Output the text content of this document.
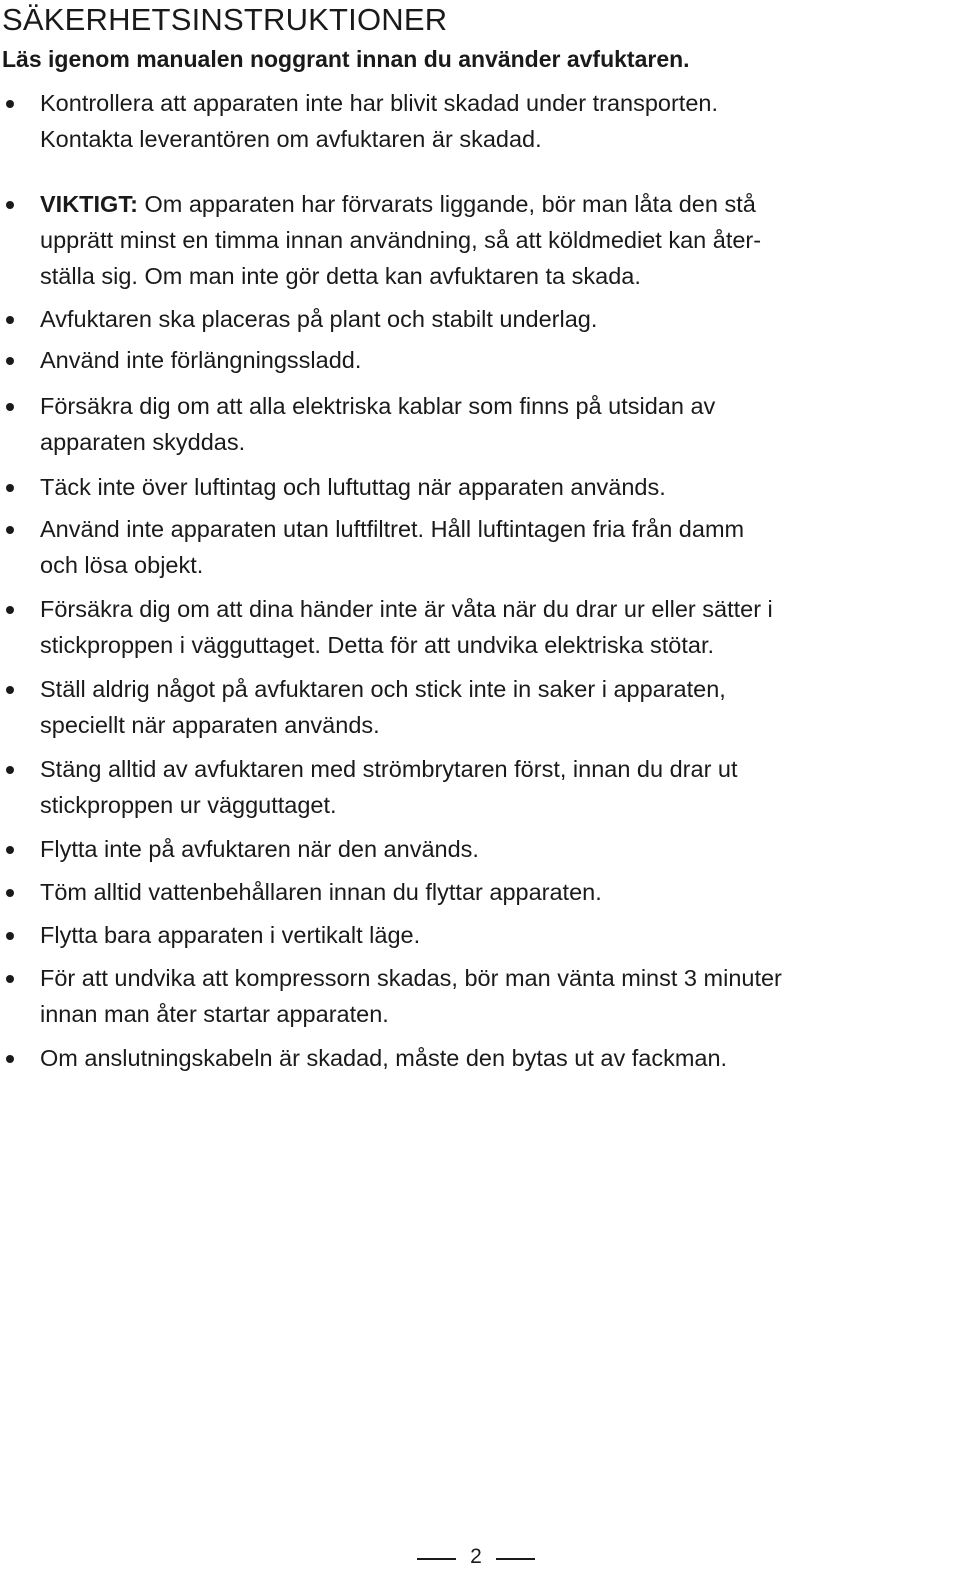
SÄKERHETSINSTRUKTIONER
Läs igenom manualen noggrant innan du använder avfuktaren.
Kontrollera att apparaten inte har blivit skadad under transporten.
Kontakta leverantören om avfuktaren är skadad.
VIKTIGT: Om apparaten har förvarats liggande, bör man låta den stå
upprätt minst en timma innan användning, så att köldmediet kan åter-
ställa sig. Om man inte gör detta kan avfuktaren ta skada.
Avfuktaren ska placeras på plant och stabilt underlag.
Använd inte förlängningssladd.
Försäkra dig om att alla elektriska kablar som finns på utsidan av
apparaten skyddas.
Täck inte över luftintag och luftuttag när apparaten används.
Använd inte apparaten utan luftfiltret. Håll luftintagen fria från damm
och lösa objekt.
Försäkra dig om att dina händer inte är våta när du drar ur eller sätter i
stickproppen i vägguttaget. Detta för att undvika elektriska stötar.
Ställ aldrig något på avfuktaren och stick inte in saker i apparaten,
speciellt när apparaten används.
Stäng alltid av avfuktaren med strömbrytaren först, innan du drar ut
stickproppen ur vägguttaget.
Flytta inte på avfuktaren när den används.
Töm alltid vattenbehållaren innan du flyttar apparaten.
Flytta bara apparaten i vertikalt läge.
För att undvika att kompressorn skadas, bör man vänta minst 3 minuter
innan man åter startar apparaten.
Om anslutningskabeln är skadad, måste den bytas ut av fackman.
2
